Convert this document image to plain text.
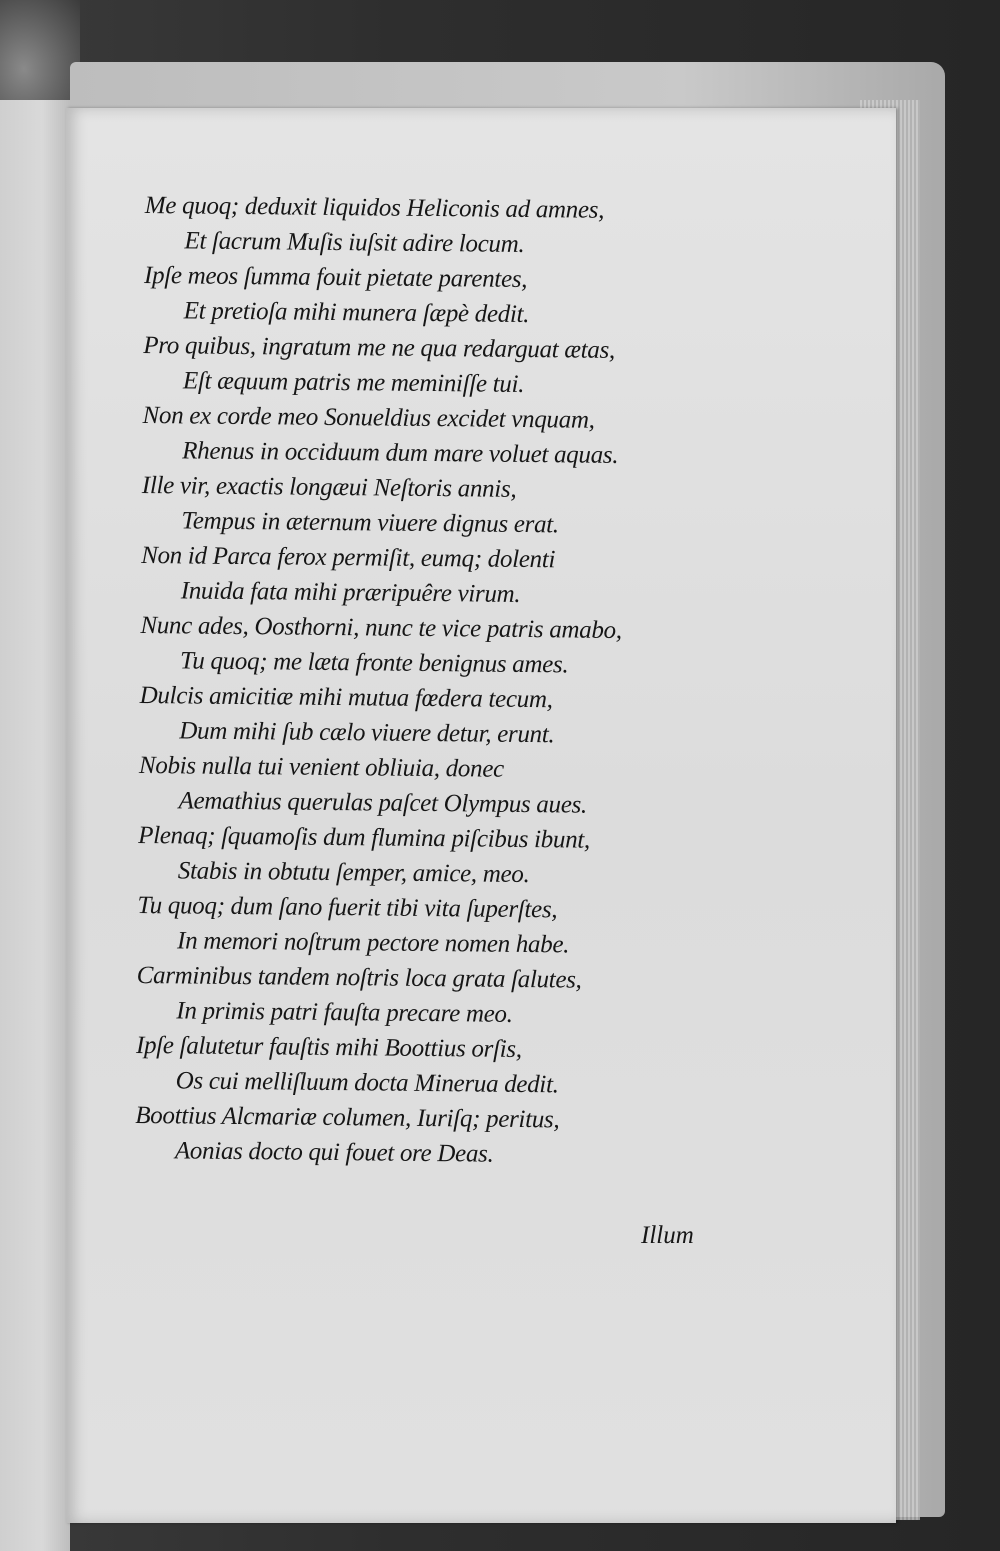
Me quoq; deduxit liquidos Heliconis ad amnes,
Et ſacrum Muſis iuſsit adire locum.
Ipſe meos ſumma fouit pietate parentes,
Et pretioſa mihi munera ſæpè dedit.
Pro quibus, ingratum me ne qua redarguat ætas,
Eſt æquum patris me meminiſſe tui.
Non ex corde meo Sonueldius excidet vnquam,
Rhenus in occiduum dum mare voluet aquas.
Ille vir, exactis longæui Neſtoris annis,
Tempus in æternum viuere dignus erat.
Non id Parca ferox permiſit, eumq; dolenti
Inuida fata mihi præripuêre virum.
Nunc ades, Oosthorni, nunc te vice patris amabo,
Tu quoq; me læta fronte benignus ames.
Dulcis amicitiæ mihi mutua fœdera tecum,
Dum mihi ſub cælo viuere detur, erunt.
Nobis nulla tui venient obliuia, donec
Aemathius querulas paſcet Olympus aues.
Plenaq; ſquamoſis dum flumina piſcibus ibunt,
Stabis in obtutu ſemper, amice, meo.
Tu quoq; dum ſano fuerit tibi vita ſuperſtes,
In memori noſtrum pectore nomen habe.
Carminibus tandem noſtris loca grata ſalutes,
In primis patri fauſta precare meo.
Ipſe ſalutetur fauſtis mihi Boottius orſis,
Os cui melliſluum docta Minerua dedit.
Boottius Alcmariæ columen, Iuriſq; peritus,
Aonias docto qui fouet ore Deas.
Illum
